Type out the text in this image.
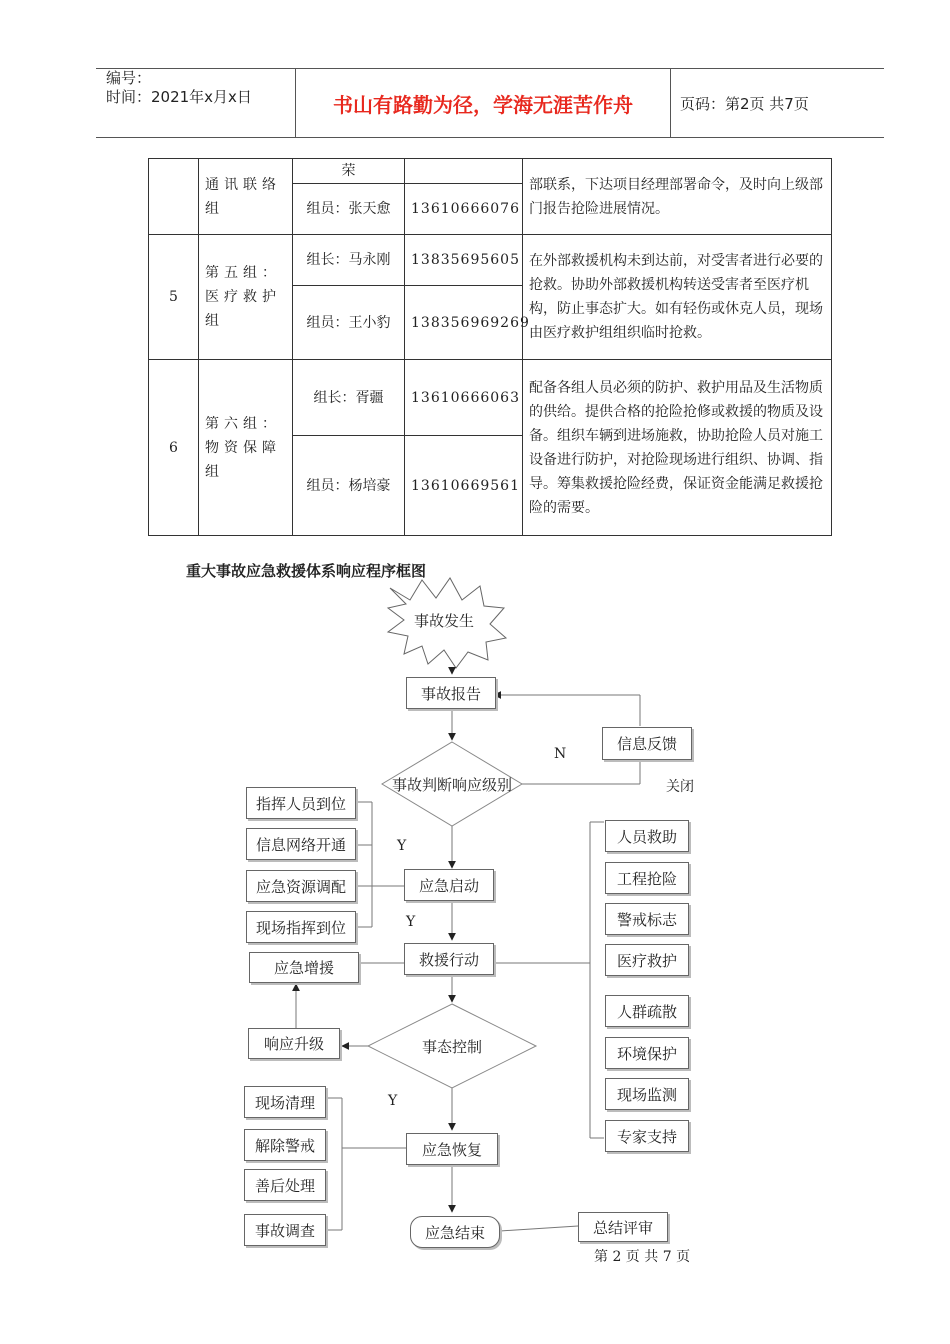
编号：
时间：2021年x月x日	书山有路勤为径，学海无涯苦作舟	页码：第2页 共7页
	通讯联络组	荣		部联系，下达项目经理部署命令，及时向上级部门报告抢险进展情况。
		组员：张天愈	13610666076	
5	第五组：医疗救护组	组长：马永刚	13835695605	在外部救援机构未到达前，对受害者进行必要的抢救。协助外部救援机构转送受害者至医疗机构，防止事态扩大。如有轻伤或休克人员，现场由医疗救护组组织临时抢救。
		组员：王小豹	138356969269	
6	第六组：物资保障组	组长：胥疆	13610666063	配备各组人员必须的防护、救护用品及生活物质的供给。提供合格的抢险抢修或救援的物质及设备。组织车辆到进场施救，协助抢险人员对施工设备进行防护，对抢险现场进行组织、协调、指导。筹集救援抢险经费，保证资金能满足救援抢险的需要。
		组员：杨培豪	13610669561	
重大事故应急救援体系响应程序框图
事故发生
事故报告
信息反馈
N
事故判断响应级别	关闭
指挥人员到位
信息网络开通
应急资源调配
现场指挥到位
Y
应急启动
Y
救援行动
应急增援
事态控制
响应升级
Y
人员救助
工程抢险
警戒标志
医疗救护
人群疏散
环境保护
现场监测
专家支持
现场清理
解除警戒
善后处理
事故调查
应急恢复
应急结束	总结评审
第 2 页 共 7 页
